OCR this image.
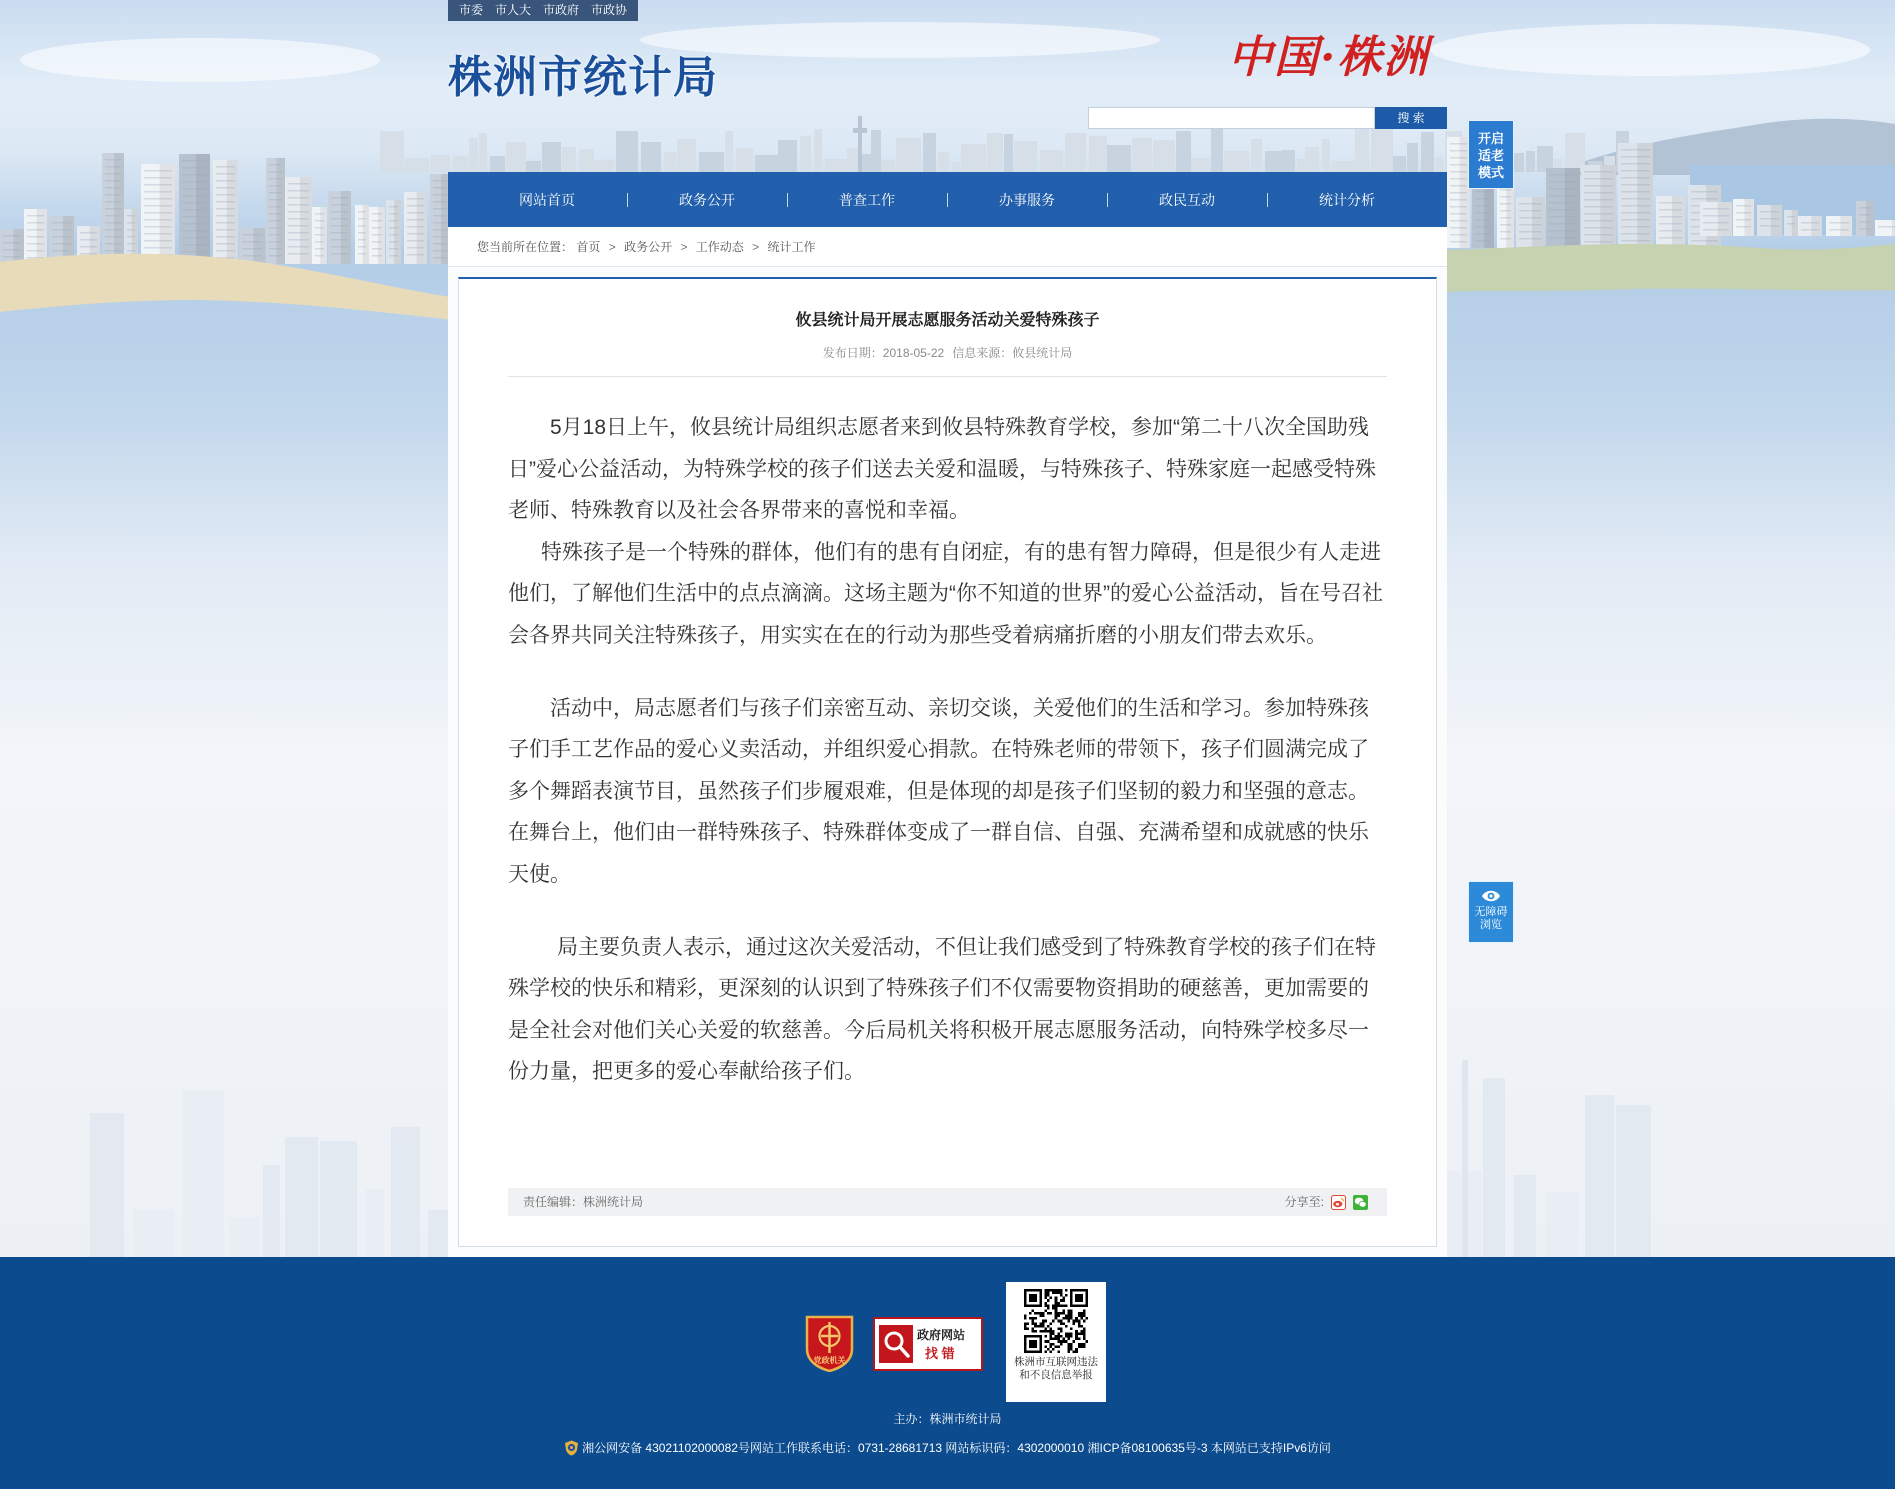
市委 市人大 市政府 市政协
株洲市统计局	中国·株洲
搜 索
开启
适老
模式
无障碍
浏览
网站首页	政务公开	普查工作	办事服务	政民互动	统计分析
您当前所在位置： 首页 > 政务公开 > 工作动态 > 统计工作
攸县统计局开展志愿服务活动关爱特殊孩子
发布日期：2018-05-22 信息来源：攸县统计局

5月18日上午，攸县统计局组织志愿者来到攸县特殊教育学校，参加“第二十八次全国助残日”爱心公益活动，为特殊学校的孩子们送去关爱和温暖，与特殊孩子、特殊家庭一起感受特殊老师、特殊教育以及社会各界带来的喜悦和幸福。

特殊孩子是一个特殊的群体，他们有的患有自闭症，有的患有智力障碍，但是很少有人走进他们，了解他们生活中的点点滴滴。这场主题为“你不知道的世界”的爱心公益活动，旨在号召社会各界共同关注特殊孩子，用实实在在的行动为那些受着病痛折磨的小朋友们带去欢乐。

活动中，局志愿者们与孩子们亲密互动、亲切交谈，关爱他们的生活和学习。参加特殊孩子们手工艺作品的爱心义卖活动，并组织爱心捐款。在特殊老师的带领下，孩子们圆满完成了多个舞蹈表演节目，虽然孩子们步履艰难，但是体现的却是孩子们坚韧的毅力和坚强的意志。在舞台上，他们由一群特殊孩子、特殊群体变成了一群自信、自强、充满希望和成就感的快乐天使。

局主要负责人表示，通过这次关爱活动，不但让我们感受到了特殊教育学校的孩子们在特殊学校的快乐和精彩，更深刻的认识到了特殊孩子们不仅需要物资捐助的硬慈善，更加需要的是全社会对他们关心关爱的软慈善。今后局机关将积极开展志愿服务活动，向特殊学校多尽一份力量，把更多的爱心奉献给孩子们。

责任编辑：株洲统计局	分享至:
党政机关
政府网站
找 错
株洲市互联网违法
和不良信息举报
主办：株洲市统计局
湘公网安备 43021102000082号 网站工作联系电话：0731-28681713
网站标识码：4302000010
湘ICP备08100635号-3
本网站已支持IPv6访问
